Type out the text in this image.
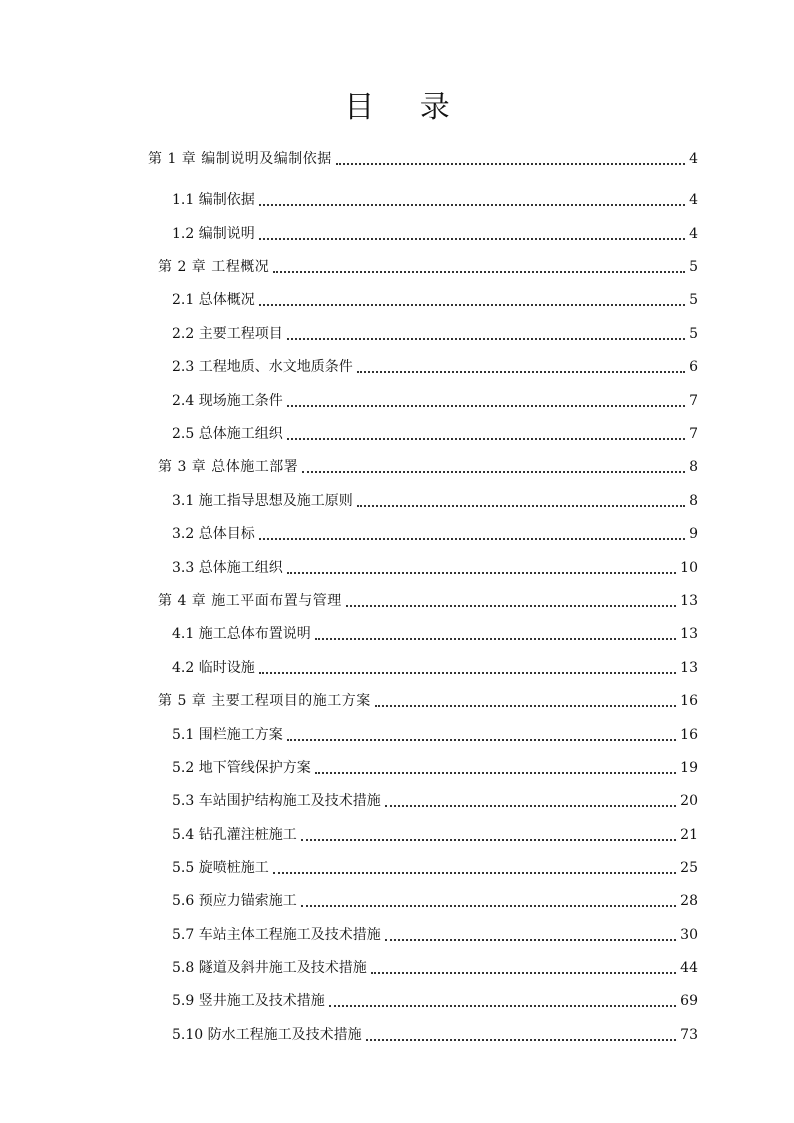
目 录
第 1 章 编制说明及编制依据	4
1.1 编制依据	4
1.2 编制说明	4
第 2 章 工程概况	5
2.1 总体概况	5
2.2 主要工程项目	5
2.3 工程地质、水文地质条件	6
2.4 现场施工条件	7
2.5 总体施工组织	7
第 3 章 总体施工部署	8
3.1 施工指导思想及施工原则	8
3.2 总体目标	9
3.3 总体施工组织	10
第 4 章 施工平面布置与管理	13
4.1 施工总体布置说明	13
4.2 临时设施	13
第 5 章 主要工程项目的施工方案	16
5.1 围栏施工方案	16
5.2 地下管线保护方案	19
5.3 车站围护结构施工及技术措施	20
5.4 钻孔灌注桩施工	21
5.5 旋喷桩施工	25
5.6 预应力锚索施工	28
5.7 车站主体工程施工及技术措施	30
5.8 隧道及斜井施工及技术措施	44
5.9 竖井施工及技术措施	69
5.10 防水工程施工及技术措施	73
